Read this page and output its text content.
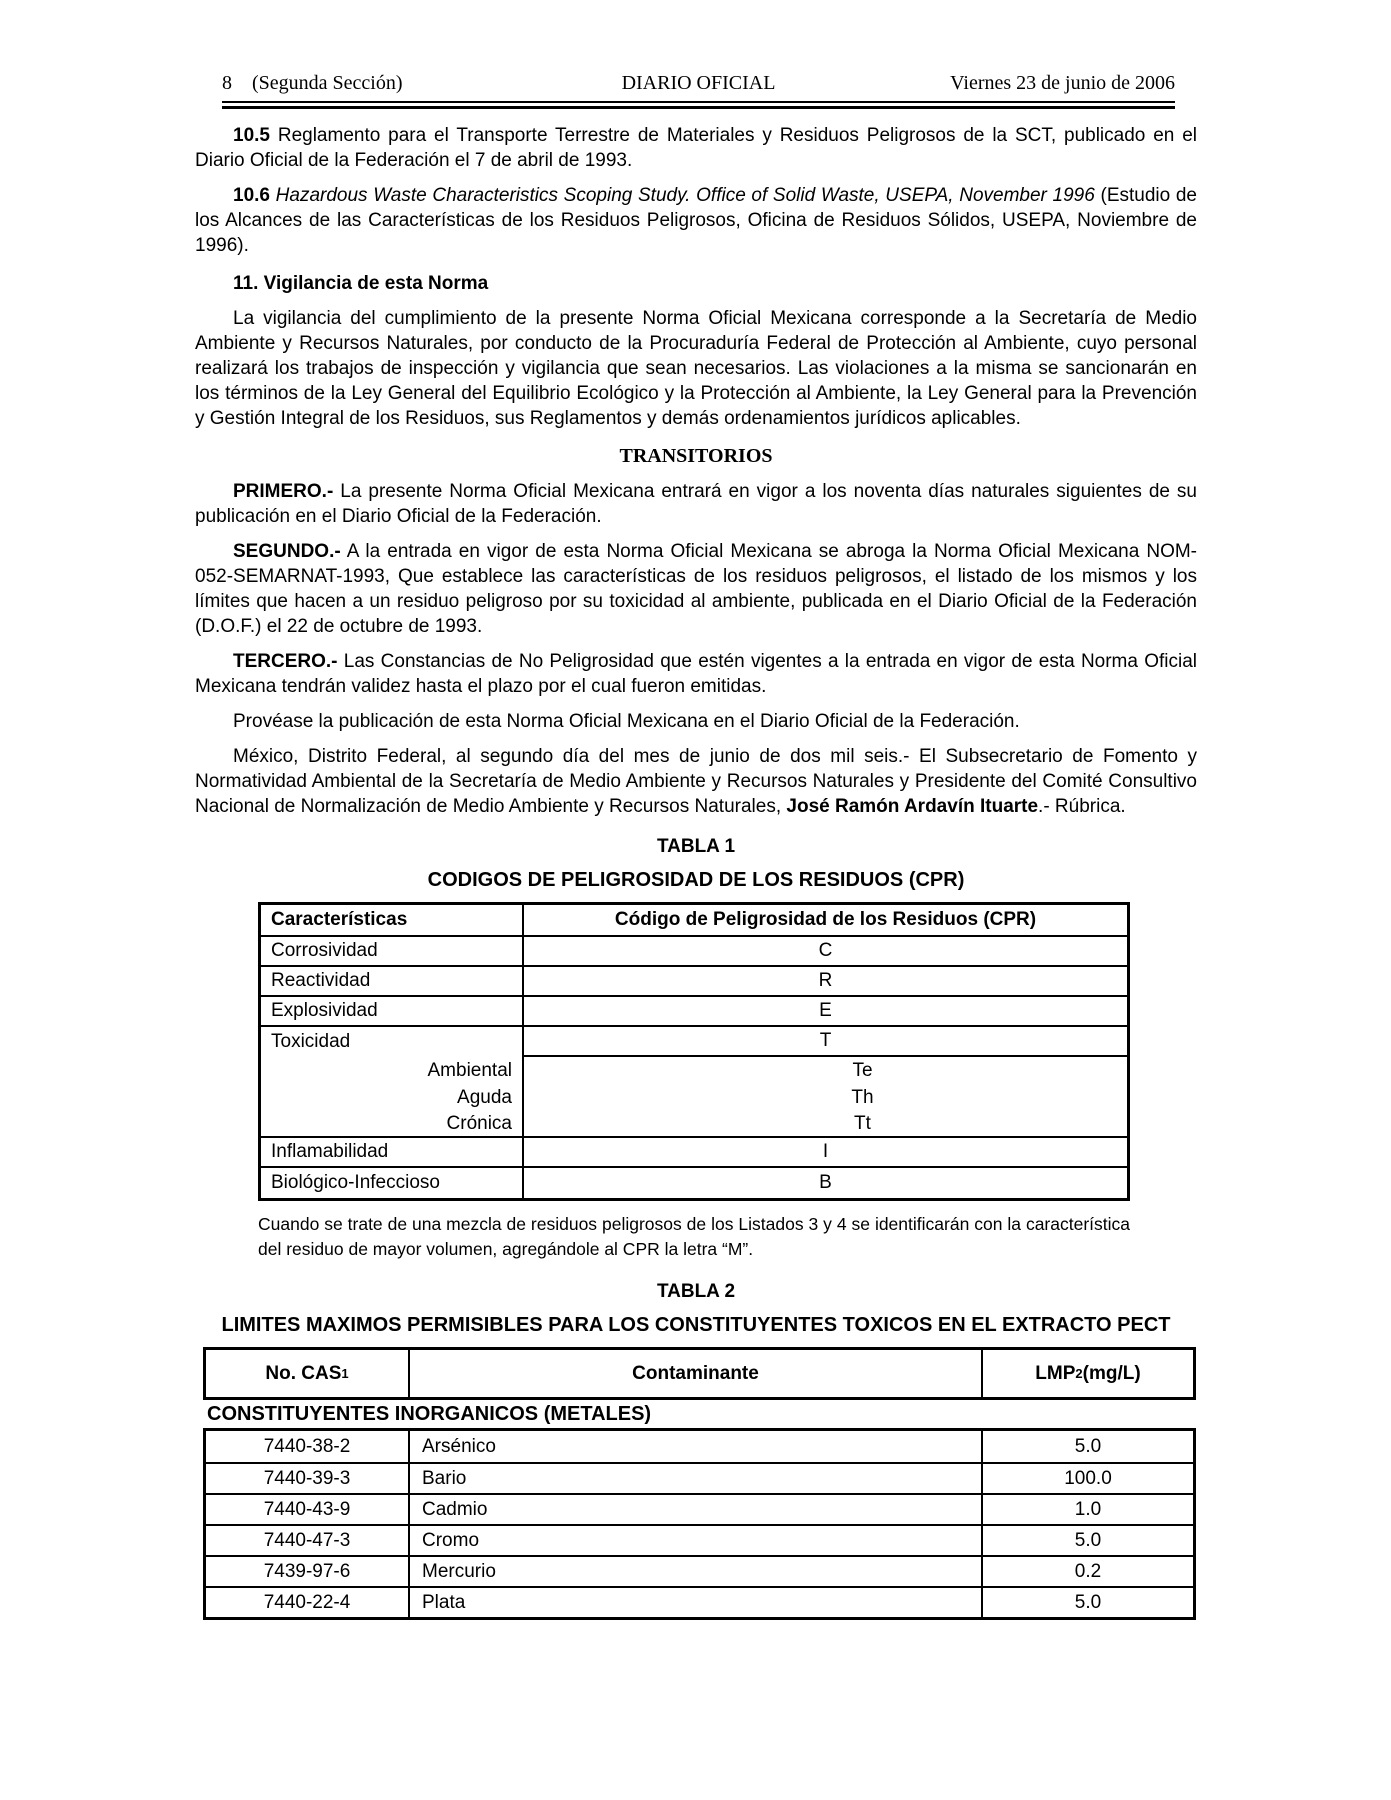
8 (Segunda Sección)	DIARIO OFICIAL	Viernes 23 de junio de 2006

10.5 Reglamento para el Transporte Terrestre de Materiales y Residuos Peligrosos de la SCT, publicado en el Diario Oficial de la Federación el 7 de abril de 1993.

10.6 Hazardous Waste Characteristics Scoping Study. Office of Solid Waste, USEPA, November 1996 (Estudio de los Alcances de las Características de los Residuos Peligrosos, Oficina de Residuos Sólidos, USEPA, Noviembre de 1996).

11. Vigilancia de esta Norma

La vigilancia del cumplimiento de la presente Norma Oficial Mexicana corresponde a la Secretaría de Medio Ambiente y Recursos Naturales, por conducto de la Procuraduría Federal de Protección al Ambiente, cuyo personal realizará los trabajos de inspección y vigilancia que sean necesarios. Las violaciones a la misma se sancionarán en los términos de la Ley General del Equilibrio Ecológico y la Protección al Ambiente, la Ley General para la Prevención y Gestión Integral de los Residuos, sus Reglamentos y demás ordenamientos jurídicos aplicables.

TRANSITORIOS

PRIMERO.- La presente Norma Oficial Mexicana entrará en vigor a los noventa días naturales siguientes de su publicación en el Diario Oficial de la Federación.

SEGUNDO.- A la entrada en vigor de esta Norma Oficial Mexicana se abroga la Norma Oficial Mexicana NOM-052-SEMARNAT-1993, Que establece las características de los residuos peligrosos, el listado de los mismos y los límites que hacen a un residuo peligroso por su toxicidad al ambiente, publicada en el Diario Oficial de la Federación (D.O.F.) el 22 de octubre de 1993.

TERCERO.- Las Constancias de No Peligrosidad que estén vigentes a la entrada en vigor de esta Norma Oficial Mexicana tendrán validez hasta el plazo por el cual fueron emitidas.

Provéase la publicación de esta Norma Oficial Mexicana en el Diario Oficial de la Federación.

México, Distrito Federal, al segundo día del mes de junio de dos mil seis.- El Subsecretario de Fomento y Normatividad Ambiental de la Secretaría de Medio Ambiente y Recursos Naturales y Presidente del Comité Consultivo Nacional de Normalización de Medio Ambiente y Recursos Naturales, José Ramón Ardavín Ituarte.- Rúbrica.

TABLA 1

CODIGOS DE PELIGROSIDAD DE LOS RESIDUOS (CPR)

Características	Código de Peligrosidad de los Residuos (CPR)
Corrosividad	C
Reactividad	R
Explosividad	E
Toxicidad	T
Ambiental	Te
Aguda	Th
Crónica	Tt
Inflamabilidad	I
Biológico-Infeccioso	B

Cuando se trate de una mezcla de residuos peligrosos de los Listados 3 y 4 se identificarán con la característica del residuo de mayor volumen, agregándole al CPR la letra “M”.

TABLA 2

LIMITES MAXIMOS PERMISIBLES PARA LOS CONSTITUYENTES TOXICOS EN EL EXTRACTO PECT

No. CAS 1	Contaminante	LMP 2 (mg/L)
CONSTITUYENTES INORGANICOS (METALES)
7440-38-2	Arsénico	5.0
7440-39-3	Bario	100.0
7440-43-9	Cadmio	1.0
7440-47-3	Cromo	5.0
7439-97-6	Mercurio	0.2
7440-22-4	Plata	5.0
